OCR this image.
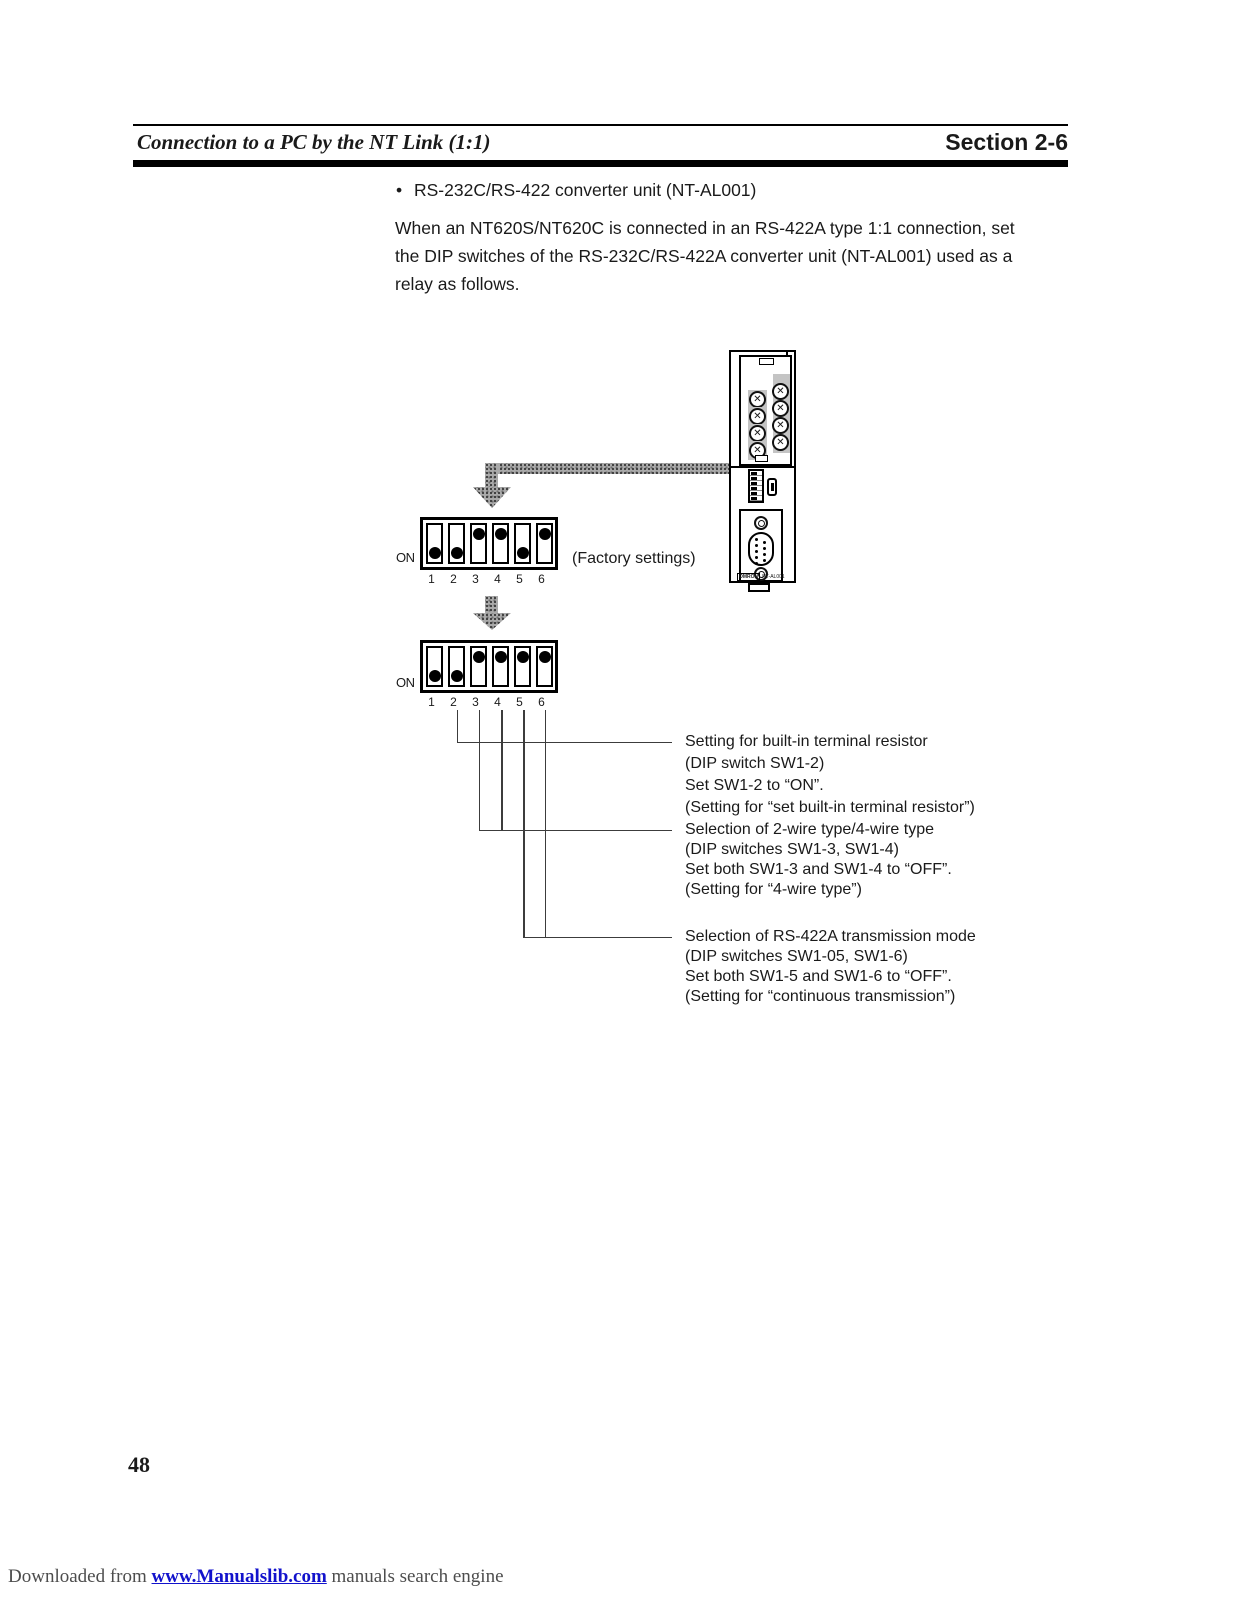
Connection to a PC by the NT Link (1:1)	Section 2-6
• RS-232C/RS-422 converter unit (NT-AL001)
When an NT620S/NT620C is connected in an RS-422A type 1:1 connection, set
the DIP switches of the RS-232C/RS-422A converter unit (NT-AL001) used as a
relay as follows.
✕
✕
✕
✕
✕
✕
✕
✕
OMRON NT-AL001
ON
1 2 3 4 5 6
(Factory settings)
ON
1 2 3 4 5 6
Setting for built-in terminal resistor
(DIP switch SW1-2)
Set SW1-2 to “ON”.
(Setting for “set built-in terminal resistor”)
Selection of 2-wire type/4-wire type
(DIP switches SW1-3, SW1-4)
Set both SW1-3 and SW1-4 to “OFF”.
(Setting for “4-wire type”)
Selection of RS-422A transmission mode
(DIP switches SW1-05, SW1-6)
Set both SW1-5 and SW1-6 to “OFF”.
(Setting for “continuous transmission”)
48
Downloaded from www.Manualslib.com manuals search engine
